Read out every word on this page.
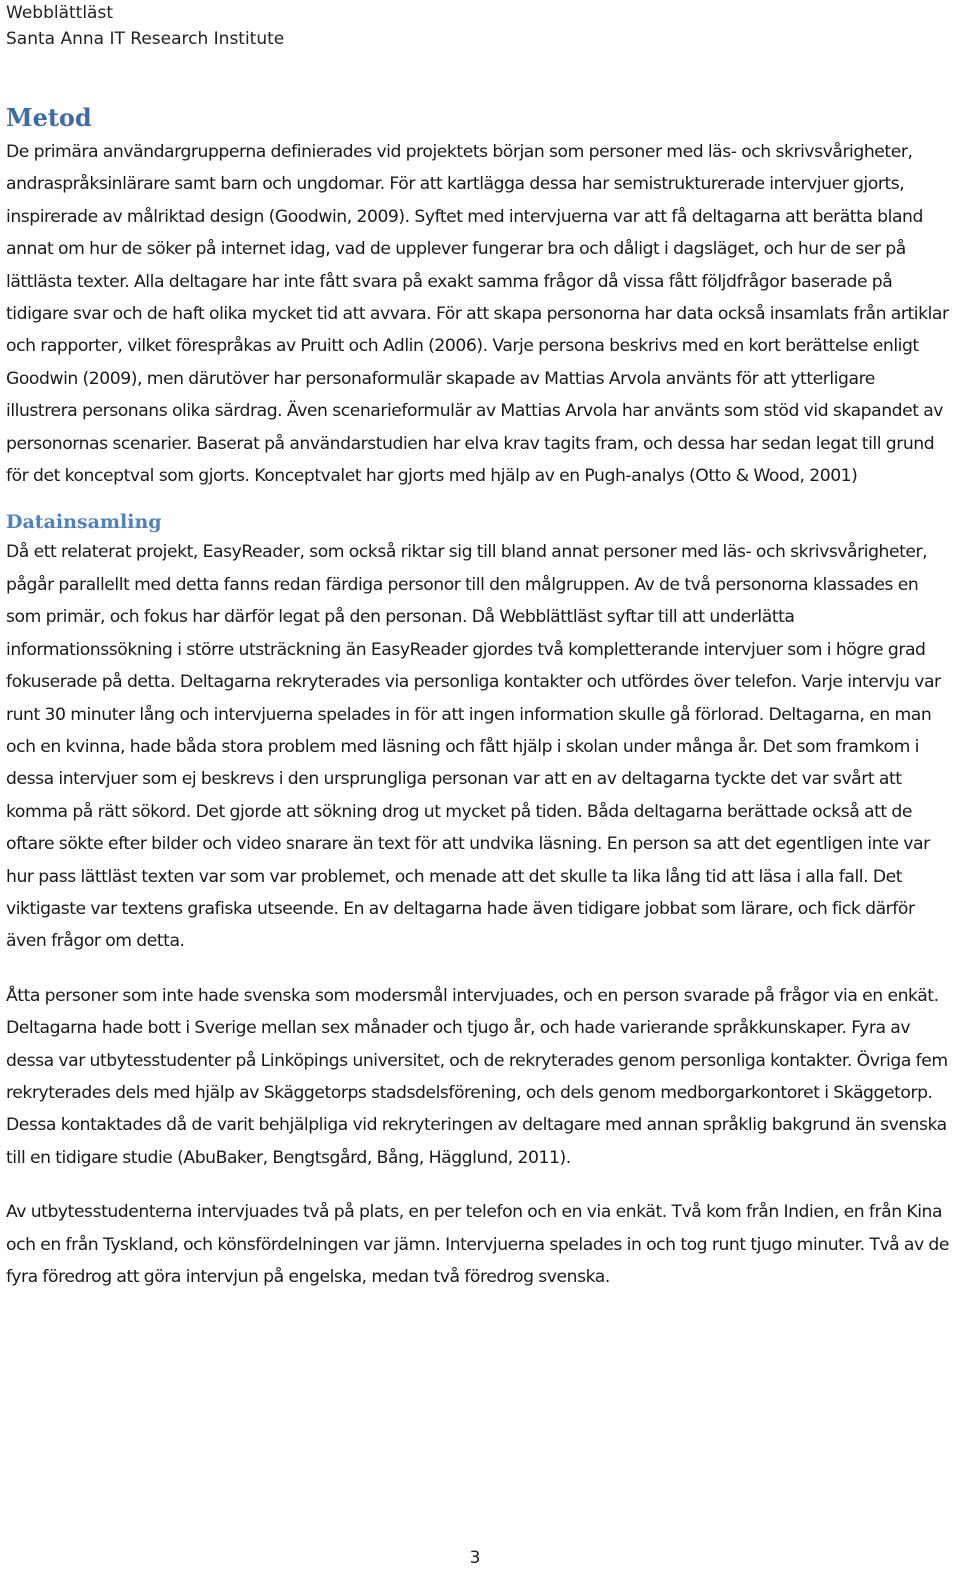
Webblättläst
Santa Anna IT Research Institute
Metod

De primära användargrupperna definierades vid projektets början som personer med läs- och skrivsvårigheter, andraspråksinlärare samt barn och ungdomar. För att kartlägga dessa har semistrukturerade intervjuer gjorts, inspirerade av målriktad design (Goodwin, 2009). Syftet med intervjuerna var att få deltagarna att berätta bland annat om hur de söker på internet idag, vad de upplever fungerar bra och dåligt i dagsläget, och hur de ser på lättlästa texter. Alla deltagare har inte fått svara på exakt samma frågor då vissa fått följdfrågor baserade på tidigare svar och de haft olika mycket tid att avvara. För att skapa personorna har data också insamlats från artiklar och rapporter, vilket förespråkas av Pruitt och Adlin (2006). Varje persona beskrivs med en kort berättelse enligt Goodwin (2009), men därutöver har personaformulär skapade av Mattias Arvola använts för att ytterligare illustrera personans olika särdrag. Även scenarieformulär av Mattias Arvola har använts som stöd vid skapandet av personornas scenarier. Baserat på användarstudien har elva krav tagits fram, och dessa har sedan legat till grund för det konceptval som gjorts. Konceptvalet har gjorts med hjälp av en Pugh-analys (Otto & Wood, 2001)

Datainsamling

Då ett relaterat projekt, EasyReader, som också riktar sig till bland annat personer med läs- och skrivsvårigheter, pågår parallellt med detta fanns redan färdiga personor till den målgruppen. Av de två personorna klassades en som primär, och fokus har därför legat på den personan. Då Webblättläst syftar till att underlätta informationssökning i större utsträckning än EasyReader gjordes två kompletterande intervjuer som i högre grad fokuserade på detta. Deltagarna rekryterades via personliga kontakter och utfördes över telefon. Varje intervju var runt 30 minuter lång och intervjuerna spelades in för att ingen information skulle gå förlorad. Deltagarna, en man och en kvinna, hade båda stora problem med läsning och fått hjälp i skolan under många år. Det som framkom i dessa intervjuer som ej beskrevs i den ursprungliga personan var att en av deltagarna tyckte det var svårt att komma på rätt sökord. Det gjorde att sökning drog ut mycket på tiden. Båda deltagarna berättade också att de oftare sökte efter bilder och video snarare än text för att undvika läsning. En person sa att det egentligen inte var hur pass lättläst texten var som var problemet, och menade att det skulle ta lika lång tid att läsa i alla fall. Det viktigaste var textens grafiska utseende. En av deltagarna hade även tidigare jobbat som lärare, och fick därför även frågor om detta.

Åtta personer som inte hade svenska som modersmål intervjuades, och en person svarade på frågor via en enkät. Deltagarna hade bott i Sverige mellan sex månader och tjugo år, och hade varierande språkkunskaper. Fyra av dessa var utbytesstudenter på Linköpings universitet, och de rekryterades genom personliga kontakter. Övriga fem rekryterades dels med hjälp av Skäggetorps stadsdelsförening, och dels genom medborgarkontoret i Skäggetorp. Dessa kontaktades då de varit behjälpliga vid rekryteringen av deltagare med annan språklig bakgrund än svenska till en tidigare studie (AbuBaker, Bengtsgård, Bång, Hägglund, 2011).

Av utbytesstudenterna intervjuades två på plats, en per telefon och en via enkät. Två kom från Indien, en från Kina och en från Tyskland, och könsfördelningen var jämn. Intervjuerna spelades in och tog runt tjugo minuter. Två av de fyra föredrog att göra intervjun på engelska, medan två föredrog svenska.

3
